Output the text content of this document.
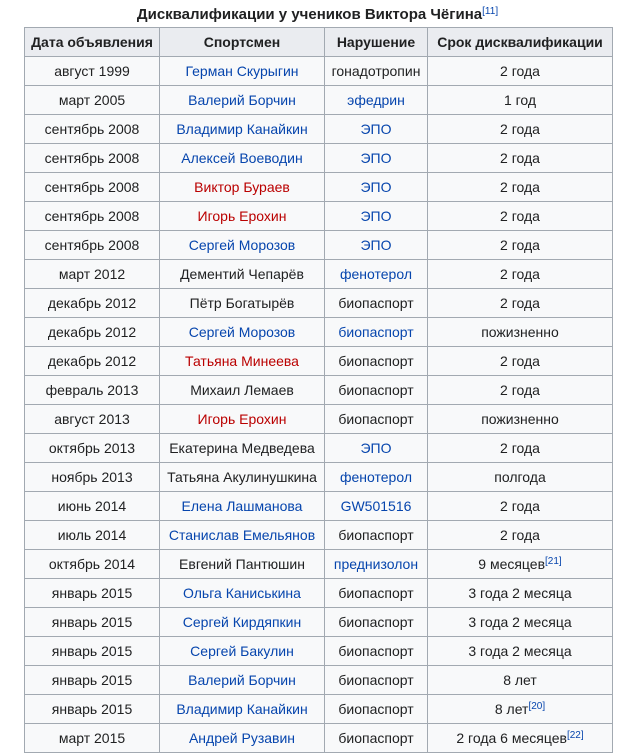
Дисквалификации у учеников Виктора Чёгина[11]
Дата объявления	Спортсмен	Нарушение	Срок дисквалификации
август 1999	Герман Скурыгин	гонадотропин	2 года
март 2005	Валерий Борчин	эфедрин	1 год
сентябрь 2008	Владимир Канайкин	ЭПО	2 года
сентябрь 2008	Алексей Воеводин	ЭПО	2 года
сентябрь 2008	Виктор Бураев	ЭПО	2 года
сентябрь 2008	Игорь Ерохин	ЭПО	2 года
сентябрь 2008	Сергей Морозов	ЭПО	2 года
март 2012	Дементий Чепарёв	фенотерол	2 года
декабрь 2012	Пётр Богатырёв	биопаспорт	2 года
декабрь 2012	Сергей Морозов	биопаспорт	пожизненно
декабрь 2012	Татьяна Минеева	биопаспорт	2 года
февраль 2013	Михаил Лемаев	биопаспорт	2 года
август 2013	Игорь Ерохин	биопаспорт	пожизненно
октябрь 2013	Екатерина Медведева	ЭПО	2 года
ноябрь 2013	Татьяна Акулинушкина	фенотерол	полгода
июнь 2014	Елена Лашманова	GW501516	2 года
июль 2014	Станислав Емельянов	биопаспорт	2 года
октябрь 2014	Евгений Пантюшин	преднизолон	9 месяцев[21]
январь 2015	Ольга Каниськина	биопаспорт	3 года 2 месяца
январь 2015	Сергей Кирдяпкин	биопаспорт	3 года 2 месяца
январь 2015	Сергей Бакулин	биопаспорт	3 года 2 месяца
январь 2015	Валерий Борчин	биопаспорт	8 лет
январь 2015	Владимир Канайкин	биопаспорт	8 лет[20]
март 2015	Андрей Рузавин	биопаспорт	2 года 6 месяцев[22]
